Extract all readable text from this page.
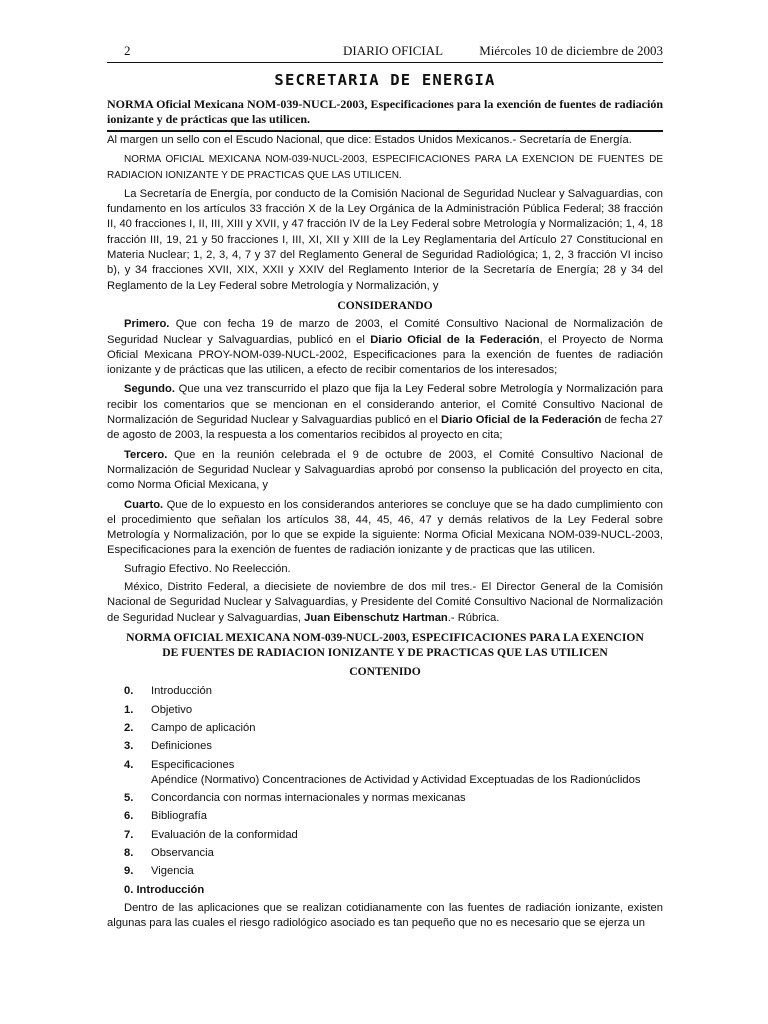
2	DIARIO OFICIAL	Miércoles 10 de diciembre de 2003
SECRETARIA DE ENERGIA
NORMA Oficial Mexicana NOM-039-NUCL-2003, Especificaciones para la exención de fuentes de radiación ionizante y de prácticas que las utilicen.

Al margen un sello con el Escudo Nacional, que dice: Estados Unidos Mexicanos.- Secretaría de Energía.

NORMA OFICIAL MEXICANA NOM-039-NUCL-2003, ESPECIFICACIONES PARA LA EXENCION DE FUENTES DE RADIACION IONIZANTE Y DE PRACTICAS QUE LAS UTILICEN.

La Secretaría de Energía, por conducto de la Comisión Nacional de Seguridad Nuclear y Salvaguardias, con fundamento en los artículos 33 fracción X de la Ley Orgánica de la Administración Pública Federal; 38 fracción II, 40 fracciones I, II, III, XIII y XVII, y 47 fracción IV de la Ley Federal sobre Metrología y Normalización; 1, 4, 18 fracción III, 19, 21 y 50 fracciones I, III, XI, XII y XIII de la Ley Reglamentaria del Artículo 27 Constitucional en Materia Nuclear; 1, 2, 3, 4, 7 y 37 del Reglamento General de Seguridad Radiológica; 1, 2, 3 fracción VI inciso b), y 34 fracciones XVII, XIX, XXII y XXIV del Reglamento Interior de la Secretaría de Energía; 28 y 34 del Reglamento de la Ley Federal sobre Metrología y Normalización, y

CONSIDERANDO

Primero. Que con fecha 19 de marzo de 2003, el Comité Consultivo Nacional de Normalización de Seguridad Nuclear y Salvaguardias, publicó en el Diario Oficial de la Federación, el Proyecto de Norma Oficial Mexicana PROY-NOM-039-NUCL-2002, Especificaciones para la exención de fuentes de radiación ionizante y de prácticas que las utilicen, a efecto de recibir comentarios de los interesados;

Segundo. Que una vez transcurrido el plazo que fija la Ley Federal sobre Metrología y Normalización para recibir los comentarios que se mencionan en el considerando anterior, el Comité Consultivo Nacional de Normalización de Seguridad Nuclear y Salvaguardias publicó en el Diario Oficial de la Federación de fecha 27 de agosto de 2003, la respuesta a los comentarios recibidos al proyecto en cita;

Tercero. Que en la reunión celebrada el 9 de octubre de 2003, el Comité Consultivo Nacional de Normalización de Seguridad Nuclear y Salvaguardias aprobó por consenso la publicación del proyecto en cita, como Norma Oficial Mexicana, y

Cuarto. Que de lo expuesto en los considerandos anteriores se concluye que se ha dado cumplimiento con el procedimiento que señalan los artículos 38, 44, 45, 46, 47 y demás relativos de la Ley Federal sobre Metrología y Normalización, por lo que se expide la siguiente: Norma Oficial Mexicana NOM-039-NUCL-2003, Especificaciones para la exención de fuentes de radiación ionizante y de practicas que las utilicen.

Sufragio Efectivo. No Reelección.

México, Distrito Federal, a diecisiete de noviembre de dos mil tres.- El Director General de la Comisión Nacional de Seguridad Nuclear y Salvaguardias, y Presidente del Comité Consultivo Nacional de Normalización de Seguridad Nuclear y Salvaguardias, Juan Eibenschutz Hartman.- Rúbrica.

NORMA OFICIAL MEXICANA NOM-039-NUCL-2003, ESPECIFICACIONES PARA LA EXENCION
DE FUENTES DE RADIACION IONIZANTE Y DE PRACTICAS QUE LAS UTILICEN
CONTENIDO
0.	Introducción
1.	Objetivo
2.	Campo de aplicación
3.	Definiciones
4.	Especificaciones
Apéndice (Normativo) Concentraciones de Actividad y Actividad Exceptuadas de los Radionúclidos
5.	Concordancia con normas internacionales y normas mexicanas
6.	Bibliografía
7.	Evaluación de la conformidad
8.	Observancia
9.	Vigencia
0. Introducción

Dentro de las aplicaciones que se realizan cotidianamente con las fuentes de radiación ionizante, existen algunas para las cuales el riesgo radiológico asociado es tan pequeño que no es necesario que se ejerza un
